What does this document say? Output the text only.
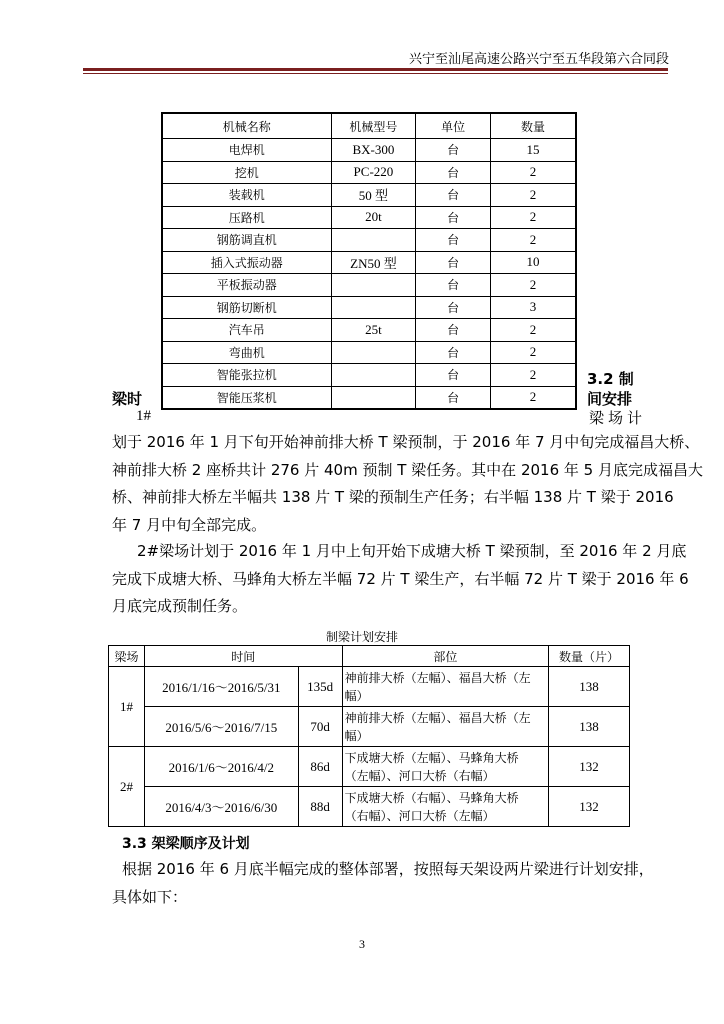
兴宁至汕尾高速公路兴宁至五华段第六合同段
机械名称	机械型号	单位	数量
电焊机	BX-300	台	15
挖机	PC-220	台	2
装载机	50 型	台	2
压路机	20t	台	2
钢筋调直机		台	2
插入式振动器	ZN50 型	台	10
平板振动器		台	2
钢筋切断机		台	3
汽车吊	25t	台	2
弯曲机		台	2
智能张拉机		台	2
智能压浆机		台	2
3.2 制
间安排
梁时
1#	梁场计
划于 2016 年 1 月下旬开始神前排大桥 T 梁预制，于 2016 年 7 月中旬完成福昌大桥、
神前排大桥 2 座桥共计 276 片 40m 预制 T 梁任务。其中在 2016 年 5 月底完成福昌大
桥、神前排大桥左半幅共 138 片 T 梁的预制生产任务；右半幅 138 片 T 梁于 2016
年 7 月中旬全部完成。
2#梁场计划于 2016 年 1 月中上旬开始下成塘大桥 T 梁预制，至 2016 年 2 月底
完成下成塘大桥、马蜂角大桥左半幅 72 片 T 梁生产，右半幅 72 片 T 梁于 2016 年 6
月底完成预制任务。
制梁计划安排
梁场	时间		部位	数量（片）
1#	2016/1/16～2016/5/31	135d	神前排大桥（左幅）、福昌大桥（左
幅）	138
	2016/5/6～2016/7/15	70d	神前排大桥（左幅）、福昌大桥（左
幅）	138
2#	2016/1/6～2016/4/2	86d	下成塘大桥（左幅）、马蜂角大桥
（左幅）、河口大桥（右幅）	132
	2016/4/3～2016/6/30	88d	下成塘大桥（右幅）、马蜂角大桥
（右幅）、河口大桥（左幅）	132
3.3 架梁顺序及计划
根据 2016 年 6 月底半幅完成的整体部署，按照每天架设两片梁进行计划安排，
具体如下：
3
